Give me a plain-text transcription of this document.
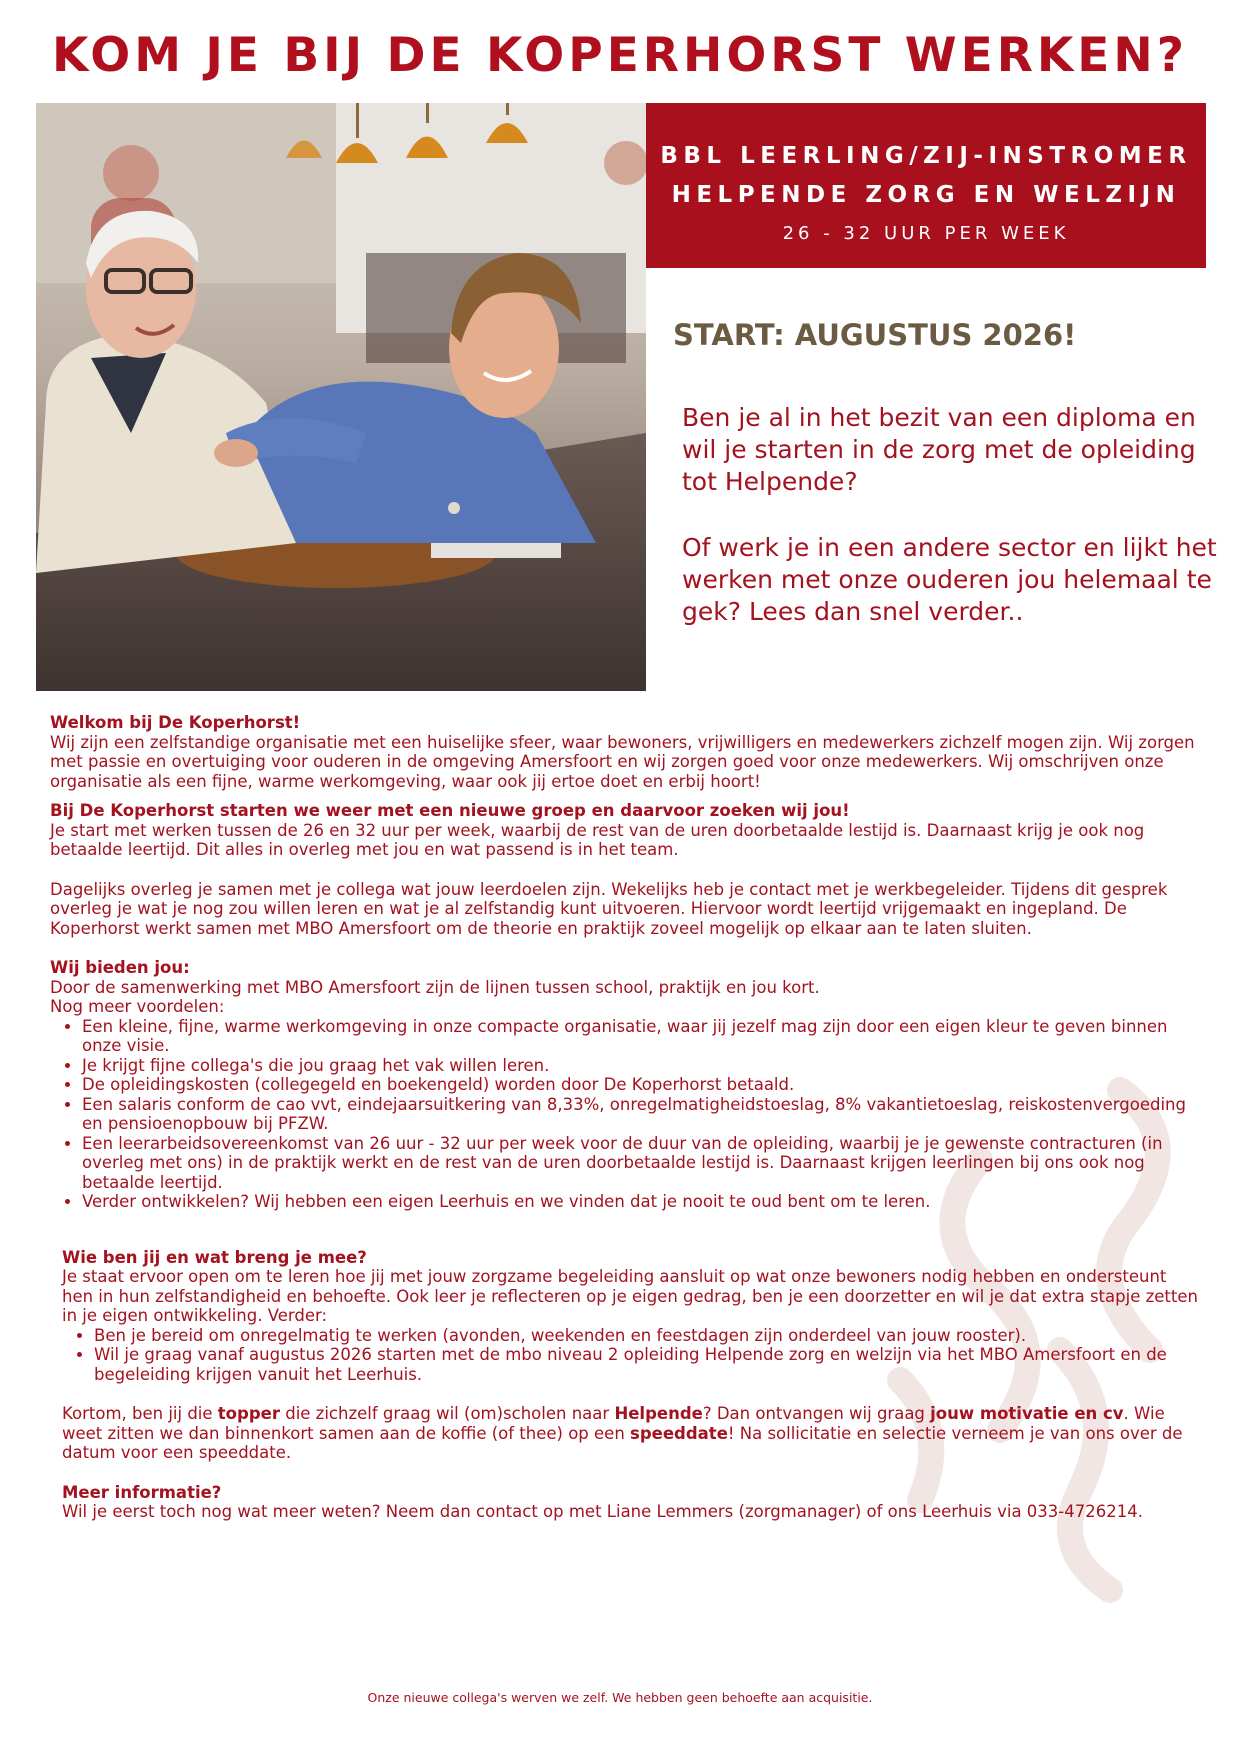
KOM JE BIJ DE KOPERHORST WERKEN?
BBL LEERLING/ZIJ-INSTROMER
HELPENDE ZORG EN WELZIJN
26 - 32 UUR PER WEEK
START: AUGUSTUS 2026!
Ben je al in het bezit van een diploma en wil je starten in de zorg met de opleiding tot Helpende?
Of werk je in een andere sector en lijkt het werken met onze ouderen jou helemaal te gek? Lees dan snel verder..

Welkom bij De Koperhorst!

Wij zijn een zelfstandige organisatie met een huiselijke sfeer, waar bewoners, vrijwilligers en medewerkers zichzelf mogen zijn. Wij zorgen met passie en overtuiging voor ouderen in de omgeving Amersfoort en wij zorgen goed voor onze medewerkers. Wij omschrijven onze organisatie als een fijne, warme werkomgeving, waar ook jij ertoe doet en erbij hoort!

Bij De Koperhorst starten we weer met een nieuwe groep en daarvoor zoeken wij jou!

Je start met werken tussen de 26 en 32 uur per week, waarbij de rest van de uren doorbetaalde lestijd is. Daarnaast krijg je ook nog betaalde leertijd. Dit alles in overleg met jou en wat passend is in het team.

Dagelijks overleg je samen met je collega wat jouw leerdoelen zijn. Wekelijks heb je contact met je werkbegeleider. Tijdens dit gesprek overleg je wat je nog zou willen leren en wat je al zelfstandig kunt uitvoeren. Hiervoor wordt leertijd vrijgemaakt en ingepland. De Koperhorst werkt samen met MBO Amersfoort om de theorie en praktijk zoveel mogelijk op elkaar aan te laten sluiten.

Wij bieden jou:

Door de samenwerking met MBO Amersfoort zijn de lijnen tussen school, praktijk en jou kort.

Nog meer voordelen:

• Een kleine, fijne, warme werkomgeving in onze compacte organisatie, waar jij jezelf mag zijn door een eigen kleur te geven binnen onze visie.
• Je krijgt fijne collega's die jou graag het vak willen leren.
• De opleidingskosten (collegegeld en boekengeld) worden door De Koperhorst betaald.
• Een salaris conform de cao vvt, eindejaarsuitkering van 8,33%, onregelmatigheidstoeslag, 8% vakantietoeslag, reiskostenvergoeding en pensioenopbouw bij PFZW.
• Een leerarbeidsovereenkomst van 26 uur - 32 uur per week voor de duur van de opleiding, waarbij je je gewenste contracturen (in overleg met ons) in de praktijk werkt en de rest van de uren doorbetaalde lestijd is. Daarnaast krijgen leerlingen bij ons ook nog betaalde leertijd.
• Verder ontwikkelen? Wij hebben een eigen Leerhuis en we vinden dat je nooit te oud bent om te leren.

Wie ben jij en wat breng je mee?

Je staat ervoor open om te leren hoe jij met jouw zorgzame begeleiding aansluit op wat onze bewoners nodig hebben en ondersteunt hen in hun zelfstandigheid en behoefte. Ook leer je reflecteren op je eigen gedrag, ben je een doorzetter en wil je dat extra stapje zetten in je eigen ontwikkeling. Verder:

• Ben je bereid om onregelmatig te werken (avonden, weekenden en feestdagen zijn onderdeel van jouw rooster).
• Wil je graag vanaf augustus 2026 starten met de mbo niveau 2 opleiding Helpende zorg en welzijn via het MBO Amersfoort en de begeleiding krijgen vanuit het Leerhuis.

Kortom, ben jij die topper die zichzelf graag wil (om)scholen naar Helpende? Dan ontvangen wij graag jouw motivatie en cv. Wie weet zitten we dan binnenkort samen aan de koffie (of thee) op een speeddate! Na sollicitatie en selectie verneem je van ons over de datum voor een speeddate.

Meer informatie?

Wil je eerst toch nog wat meer weten? Neem dan contact op met Liane Lemmers (zorgmanager) of ons Leerhuis via 033-4726214.

Onze nieuwe collega's werven we zelf. We hebben geen behoefte aan acquisitie.
